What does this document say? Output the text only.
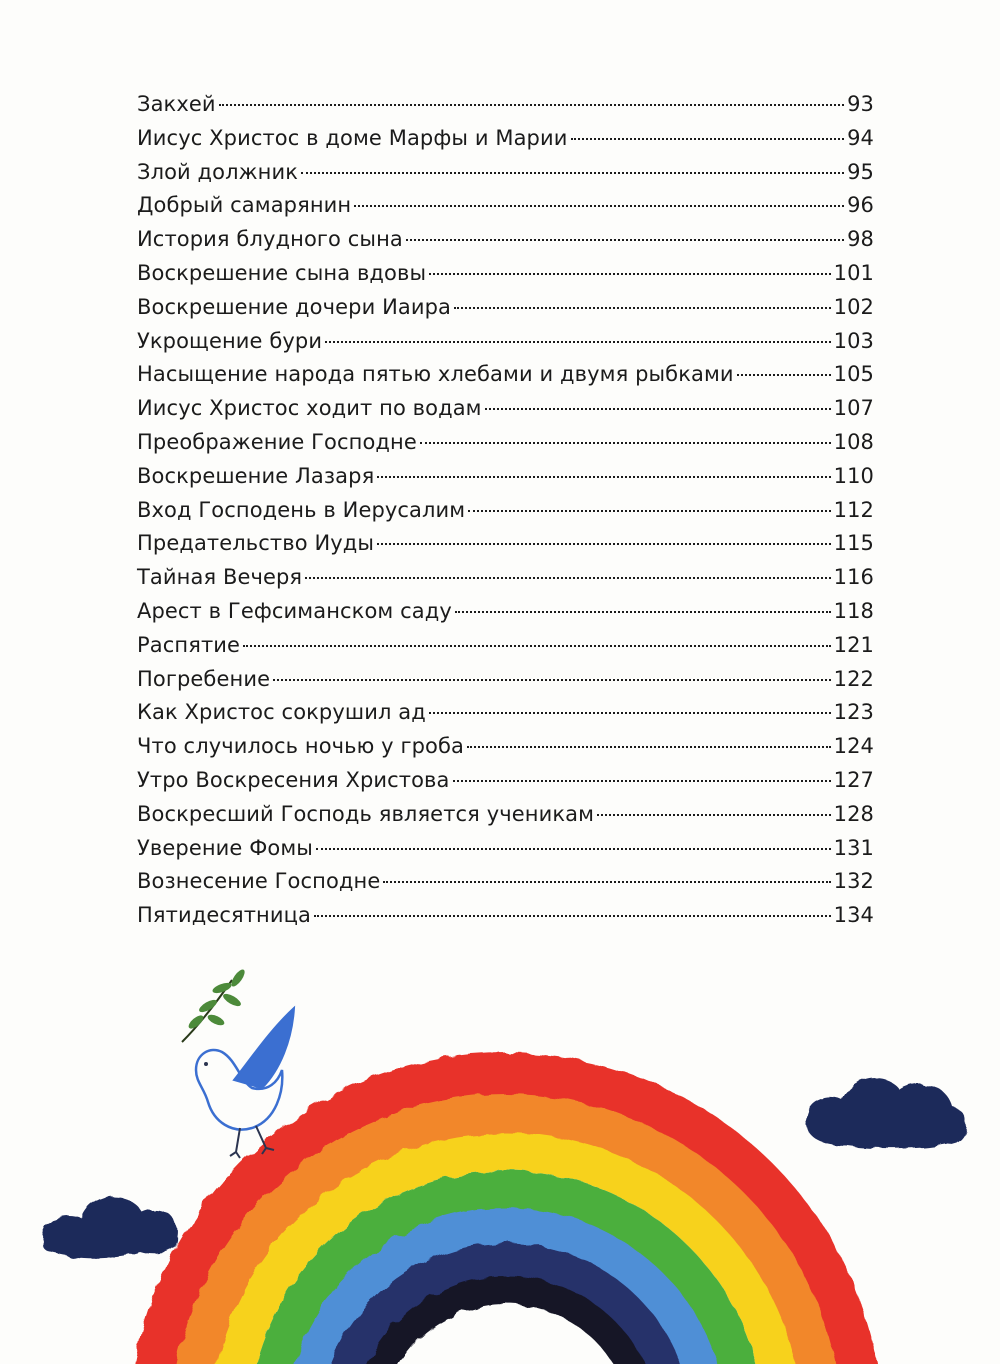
Закхей	93
Иисус Христос в доме Марфы и Марии	94
Злой должник	95
Добрый самарянин	96
История блудного сына	98
Воскрешение сына вдовы	101
Воскрешение дочери Иаира	102
Укрощение бури	103
Насыщение народа пятью хлебами и двумя рыбками	105
Иисус Христос ходит по водам	107
Преображение Господне	108
Воскрешение Лазаря	110
Вход Господень в Иерусалим	112
Предательство Иуды	115
Тайная Вечеря	116
Арест в Гефсиманском саду	118
Распятие	121
Погребение	122
Как Христос сокрушил ад	123
Что случилось ночью у гроба	124
Утро Воскресения Христова	127
Воскресший Господь является ученикам	128
Уверение Фомы	131
Вознесение Господне	132
Пятидесятница	134
